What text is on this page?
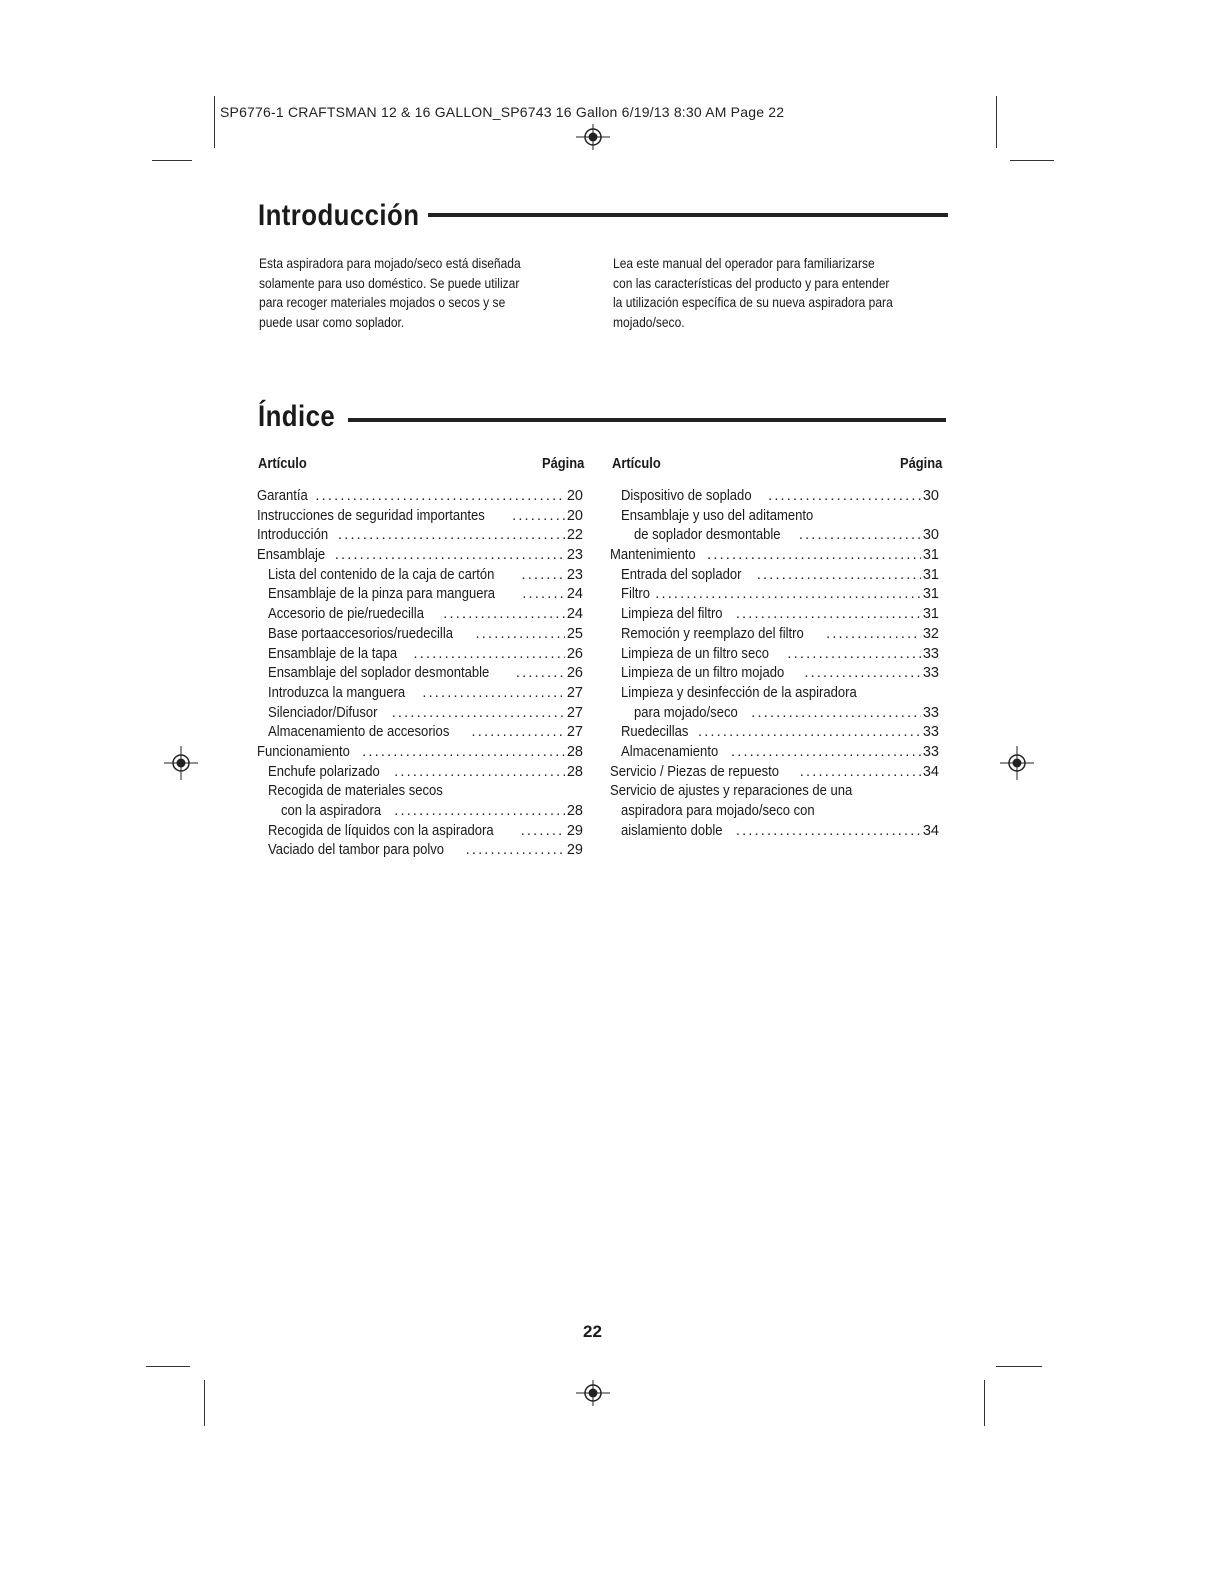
SP6776-1 CRAFTSMAN 12 & 16 GALLON_SP6743 16 Gallon 6/19/13 8:30 AM Page 22
Introducción
Esta aspiradora para mojado/seco está diseñada
solamente para uso doméstico. Se puede utilizar
para recoger materiales mojados o secos y se
puede usar como soplador.
Lea este manual del operador para familiarizarse
con las características del producto y para entender
la utilización específica de su nueva aspiradora para
mojado/seco.
Índice
Artículo	Página Artículo	Página
Garantía .....	20
Instrucciones de seguridad importantes .....	20
Introducción .....	22
Ensamblaje .....	23
Lista del contenido de la caja de cartón .....	23
Ensamblaje de la pinza para manguera .....	24
Accesorio de pie/ruedecilla .....	24
Base portaaccesorios/ruedecilla .....	25
Ensamblaje de la tapa .....	26
Ensamblaje del soplador desmontable .....	26
Introduzca la manguera .....	27
Silenciador/Difusor .....	27
Almacenamiento de accesorios .....	27
Funcionamiento .....	28
Enchufe polarizado .....	28
Recogida de materiales secos
con la aspiradora .....	28
Recogida de líquidos con la aspiradora .....	29
Vaciado del tambor para polvo .....	29
Dispositivo de soplado .....	30
Ensamblaje y uso del aditamento
de soplador desmontable .....	30
Mantenimiento .....	31
Entrada del soplador .....	31
Filtro .....	31
Limpieza del filtro .....	31
Remoción y reemplazo del filtro .....	32
Limpieza de un filtro seco .....	33
Limpieza de un filtro mojado .....	33
Limpieza y desinfección de la aspiradora
para mojado/seco .....	33
Ruedecillas .....	33
Almacenamiento .....	33
Servicio / Piezas de repuesto .....	34
Servicio de ajustes y reparaciones de una
aspiradora para mojado/seco con
aislamiento doble .....	34
22
